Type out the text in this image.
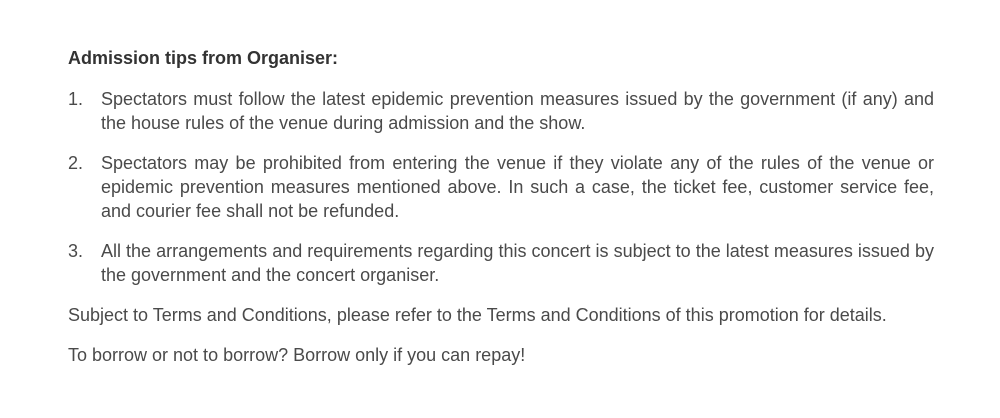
Admission tips from Organiser:
1. Spectators must follow the latest epidemic prevention measures issued by the government (if any) and the house rules of the venue during admission and the show.
2. Spectators may be prohibited from entering the venue if they violate any of the rules of the venue or epidemic prevention measures mentioned above. In such a case, the ticket fee, customer service fee, and courier fee shall not be refunded.
3. All the arrangements and requirements regarding this concert is subject to the latest measures issued by the government and the concert organiser.

Subject to Terms and Conditions, please refer to the Terms and Conditions of this promotion for details.

To borrow or not to borrow? Borrow only if you can repay!
